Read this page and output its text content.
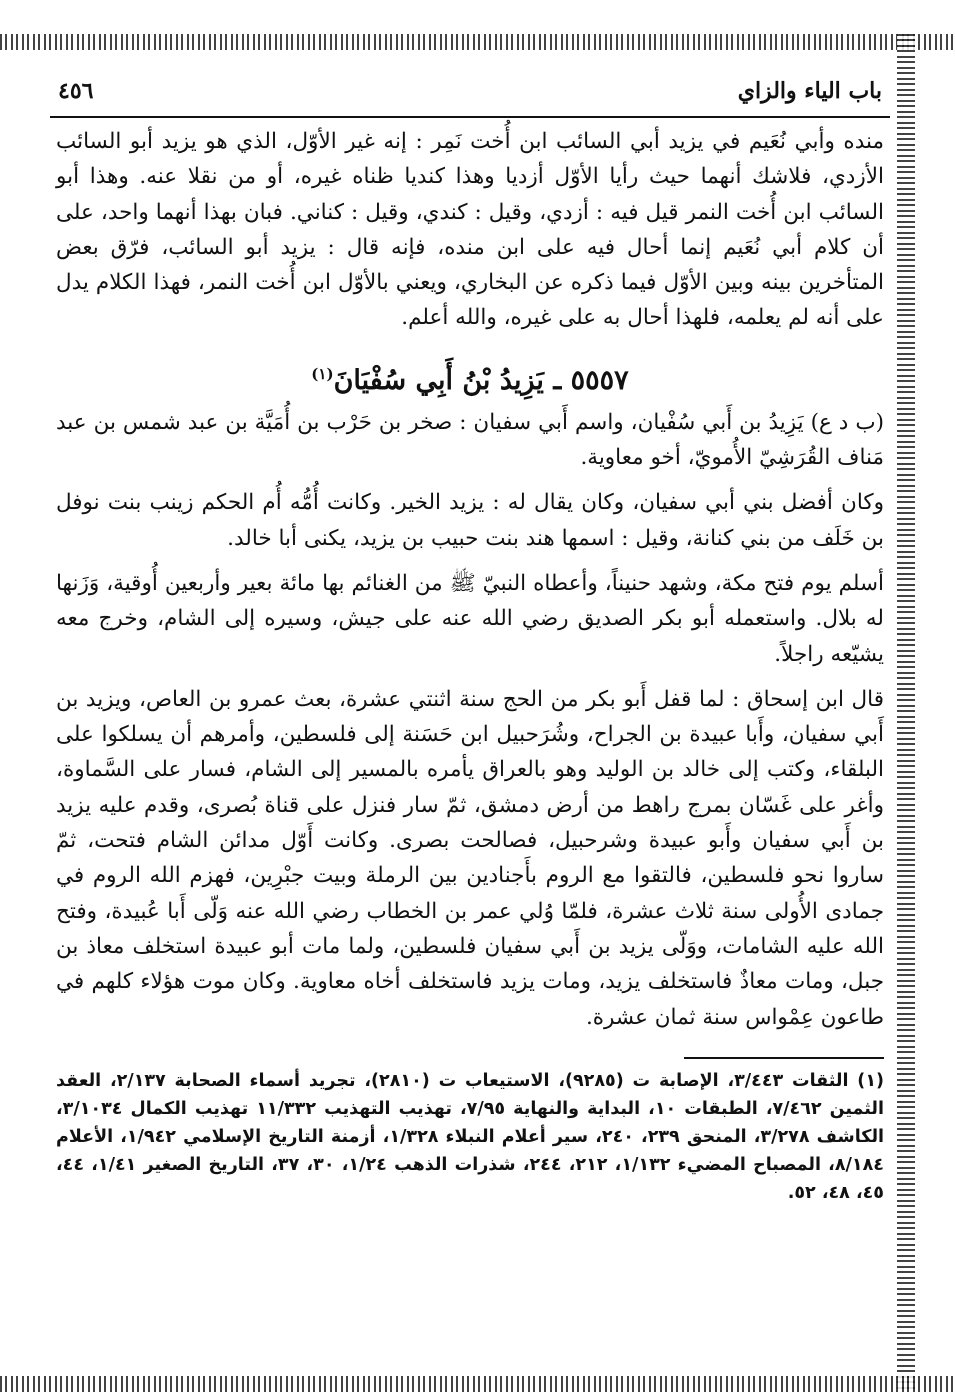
باب الياء والزاي
٤٥٦

منده وأبي نُعَيم في يزيد أبي السائب ابن أُخت نَمِر : إنه غير الأوّل، الذي هو يزيد أبو السائب الأزدي، فلاشك أنهما حيث رأيا الأوّل أزديا وهذا كنديا ظناه غيره، أو من نقلا عنه. وهذا أبو السائب ابن أُخت النمر قيل فيه : أزدي، وقيل : كندي، وقيل : كناني. فبان بهذا أنهما واحد، على أن كلام أبي نُعَيم إنما أحال فيه على ابن منده، فإنه قال : يزيد أبو السائب، فرّق بعض المتأخرين بينه وبين الأوّل فيما ذكره عن البخاري، ويعني بالأوّل ابن أُخت النمر، فهذا الكلام يدل على أنه لم يعلمه، فلهذا أحال به على غيره، والله أعلم.

٥٥٥٧ ـ يَزِيدُ بْنُ أَبِي سُفْيَانَ$^{(١)}$

(ب د ع) يَزِيدُ بن أَبي سُفْيان، واسم أَبي سفيان : صخر بن حَرْب بن أُمَيَّة بن عبد شمس بن عبد مَناف القُرَشِيّ الأُمويّ، أخو معاوية.

وكان أفضل بني أبي سفيان، وكان يقال له : يزيد الخير. وكانت أُمُّه أُم الحكم زينب بنت نوفل بن خَلَف من بني كنانة، وقيل : اسمها هند بنت حبيب بن يزيد، يكنى أبا خالد.

أسلم يوم فتح مكة، وشهد حنيناً، وأعطاه النبيّ ﷺ من الغنائم بها مائة بعير وأربعين أُوقية، وَزَنها له بلال. واستعمله أبو بكر الصديق رضي الله عنه على جيش، وسيره إلى الشام، وخرج معه يشيّعه راجلاً.

قال ابن إسحاق : لما قفل أَبو بكر من الحج سنة اثنتي عشرة، بعث عمرو بن العاص، ويزيد بن أَبي سفيان، وأَبا عبيدة بن الجراح، وشُرَحبيل ابن حَسَنة إلى فلسطين، وأمرهم أن يسلكوا على البلقاء، وكتب إلى خالد بن الوليد وهو بالعراق يأمره بالمسير إلى الشام، فسار على السَّماوة، وأغر على غَسّان بمرج راهط من أرض دمشق، ثمّ سار فنزل على قناة بُصرى، وقدم عليه يزيد بن أَبي سفيان وأَبو عبيدة وشرحبيل، فصالحت بصرى. وكانت أَوّل مدائن الشام فتحت، ثمّ ساروا نحو فلسطين، فالتقوا مع الروم بأَجنادين بين الرملة وبيت جبْرِين، فهزم الله الروم في جمادى الأُولى سنة ثلاث عشرة، فلمّا وُلي عمر بن الخطاب رضي الله عنه وَلّى أَبا عُبيدة، وفتح الله عليه الشامات، ووَلّى يزيد بن أَبي سفيان فلسطين، ولما مات أبو عبيدة استخلف معاذ بن جبل، ومات معاذٌ فاستخلف يزيد، ومات يزيد فاستخلف أخاه معاوية. وكان موت هؤلاء كلهم في طاعون عِمْواس سنة ثمان عشرة.

(١) الثقات ٣/٤٤٣، الإصابة ت (٩٢٨٥)، الاستيعاب ت (٢٨١٠)، تجريد أسماء الصحابة ٢/١٣٧، العقد الثمين ٧/٤٦٢، الطبقات ١٠، البداية والنهاية ٧/٩٥، تهذيب التهذيب ١١/٣٣٢ تهذيب الكمال ٣/١٠٣٤، الكاشف ٣/٢٧٨، المنحق ٢٣٩، ٢٤٠، سير أعلام النبلاء ١/٣٢٨، أزمنة التاريخ الإسلامي ١/٩٤٢، الأعلام ٨/١٨٤، المصباح المضيء ١/١٣٢، ٢١٢، ٢٤٤، شذرات الذهب ١/٢٤، ٣٠، ٣٧، التاريخ الصغير ١/٤١، ٤٤، ٤٥، ٤٨، ٥٢.
